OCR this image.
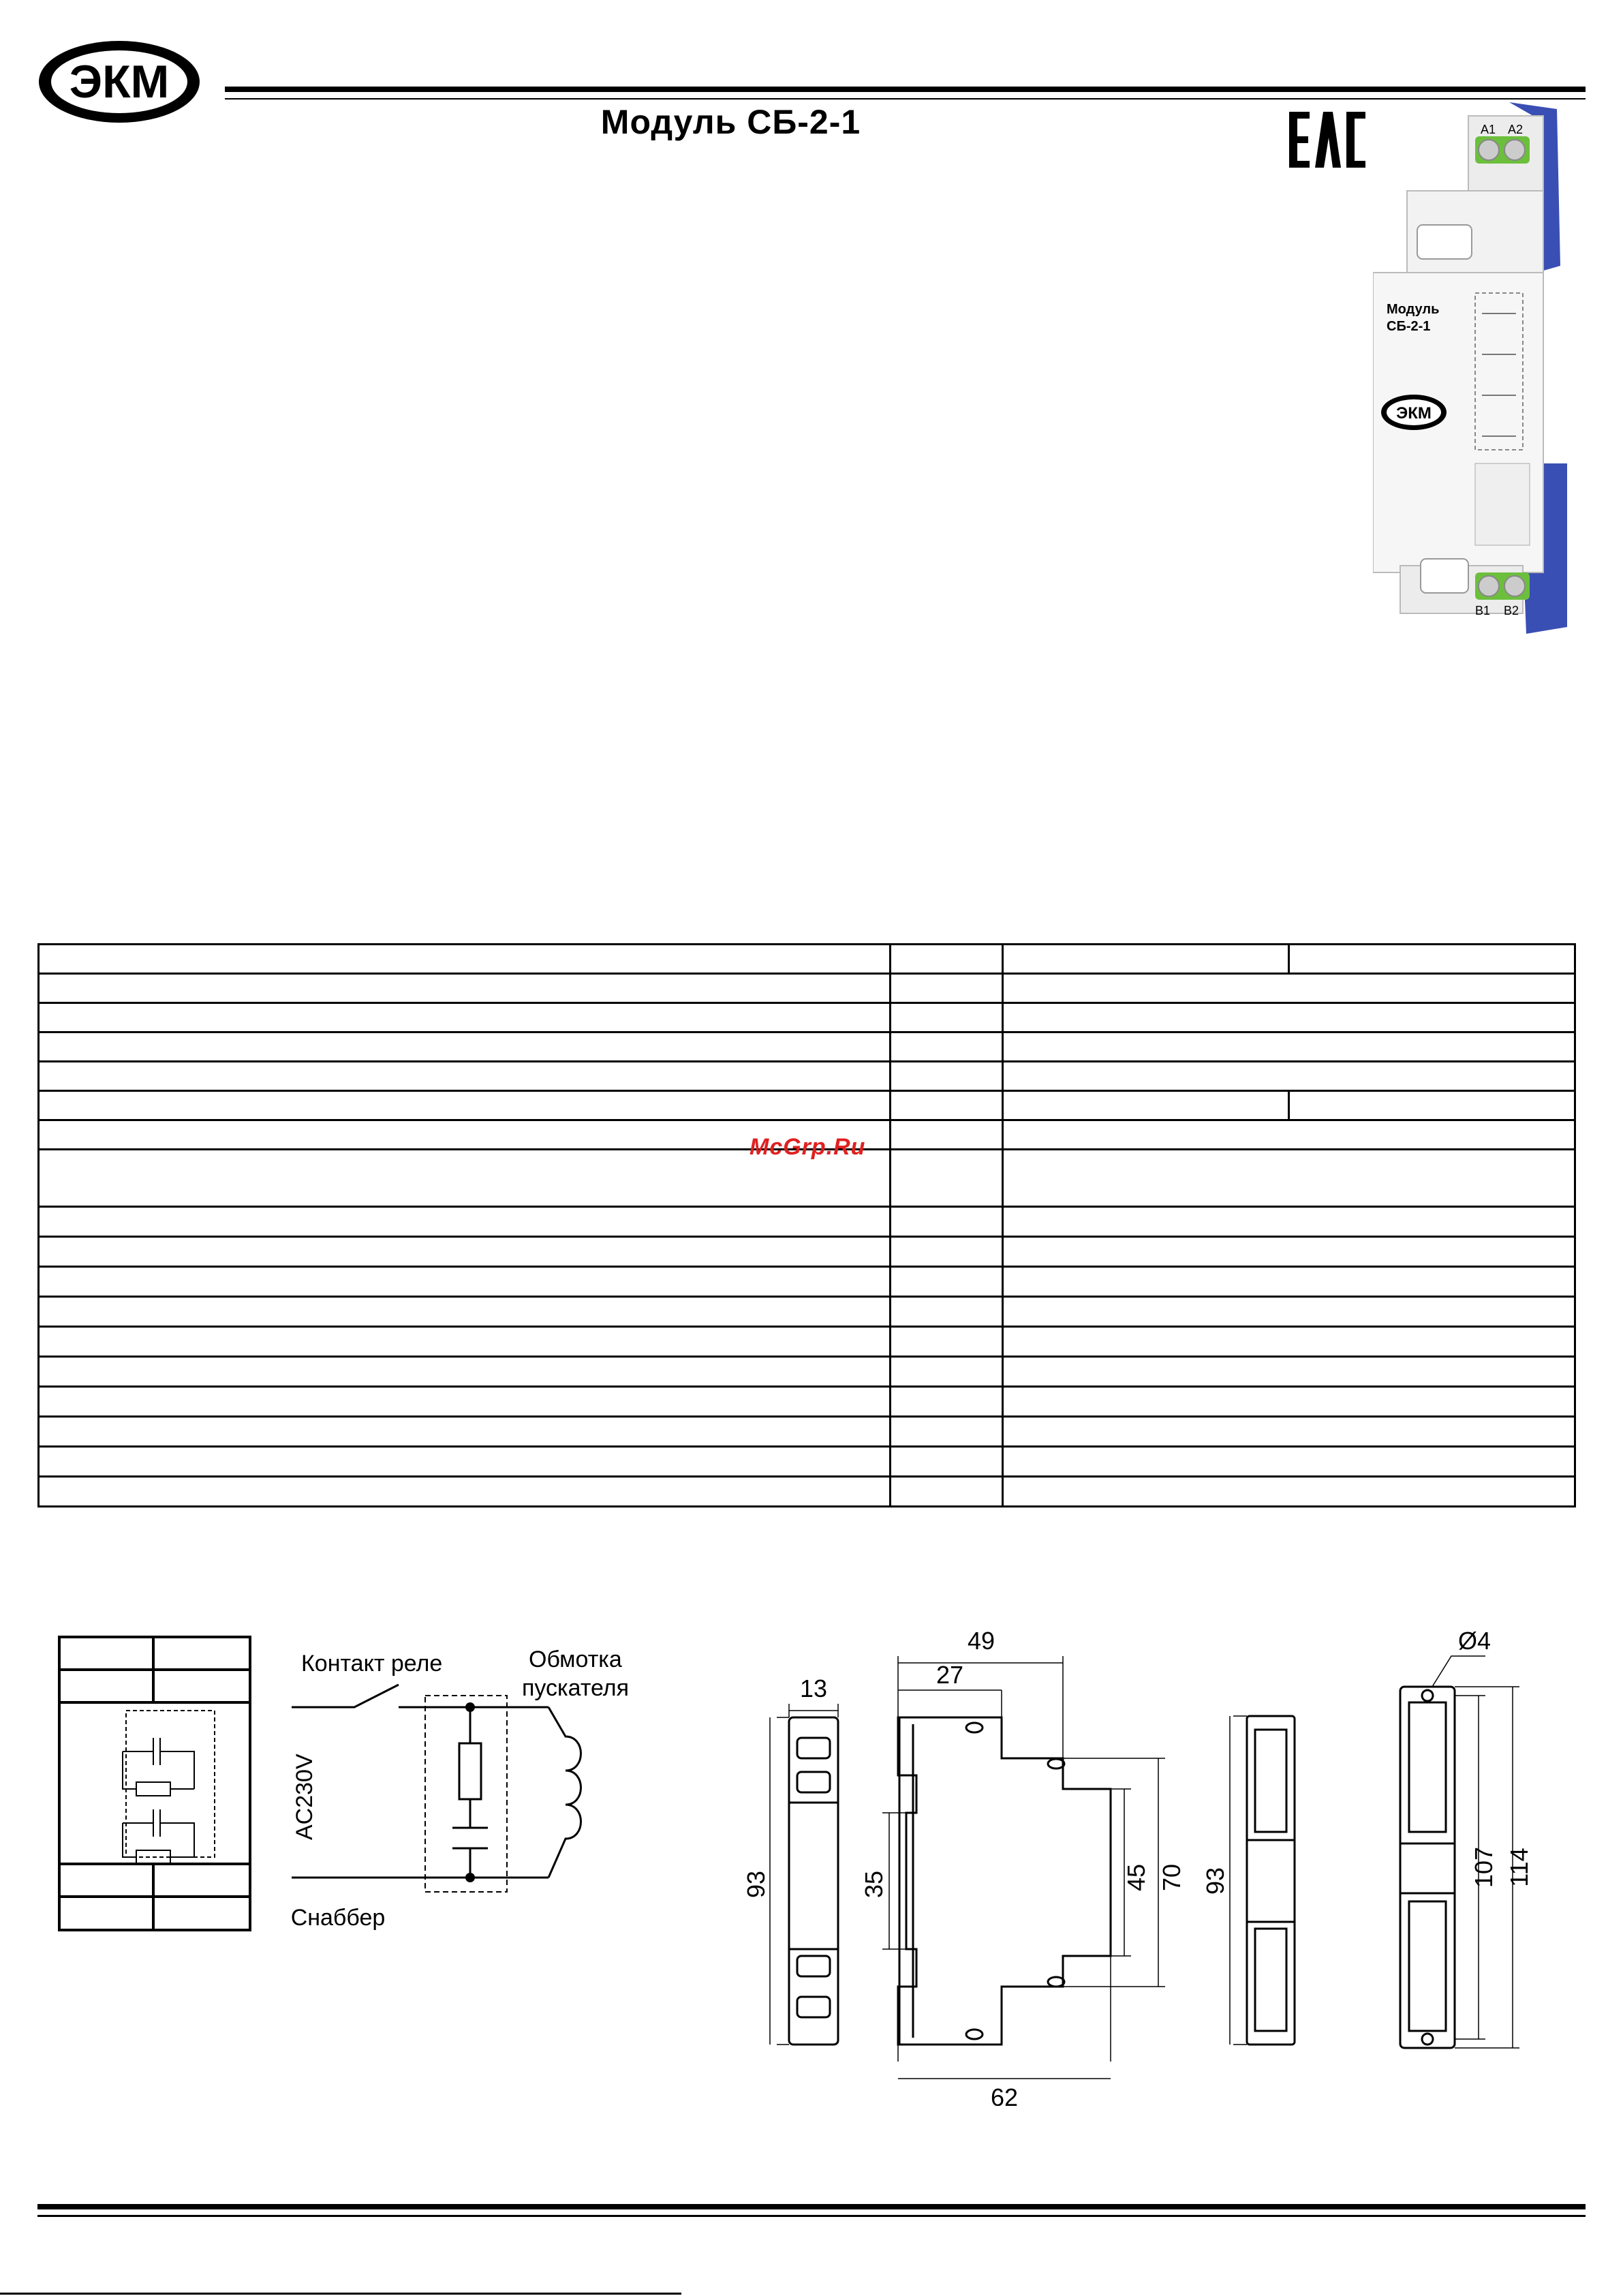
ЭКМ
Модуль СБ-2-1	A1 A2
Модуль
СБ-2-1
ЭКМ
B1 B2

McGrp.Ru
Контакт реле	Обмотка
пускателя
Снаббер
AC230V
13
49
27
62
93	35	45 70 93	107 114
Ø4
